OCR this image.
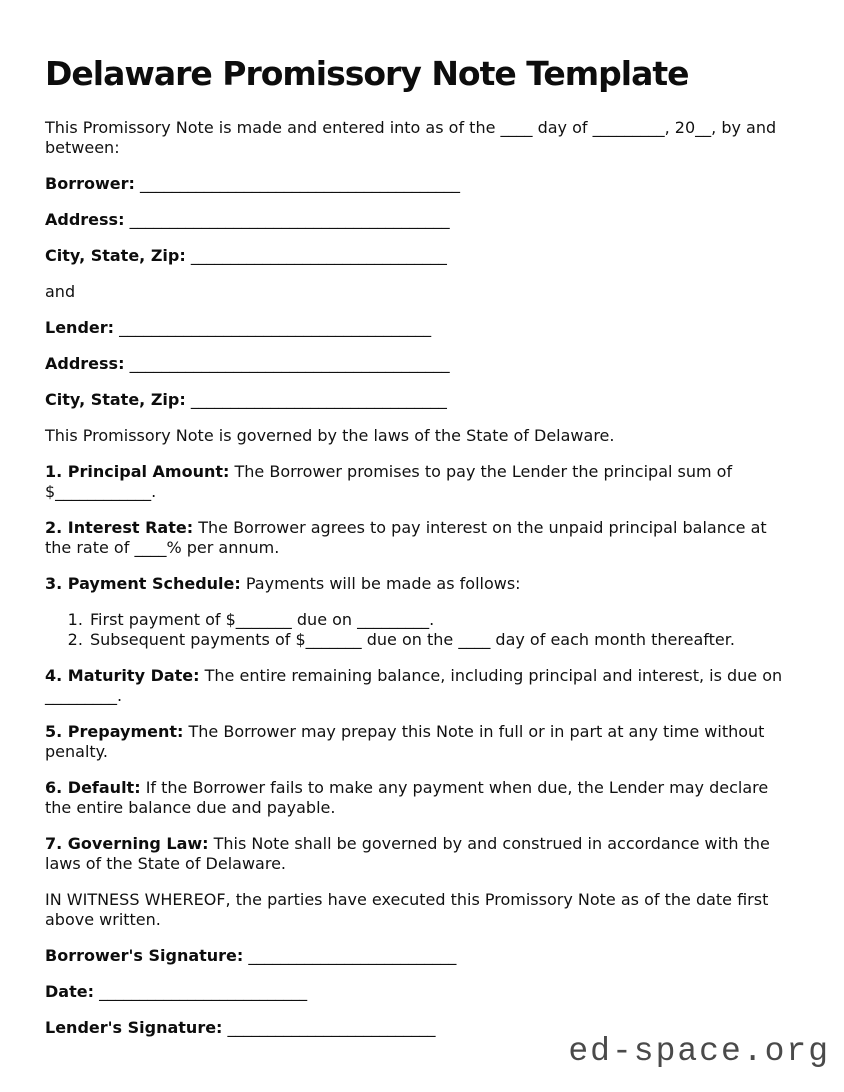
Delaware Promissory Note Template

This Promissory Note is made and entered into as of the ____ day of _________, 20__, by and between:

Borrower: ________________________________________

Address: ________________________________________

City, State, Zip: ________________________________

and

Lender: _______________________________________

Address: ________________________________________

City, State, Zip: ________________________________

This Promissory Note is governed by the laws of the State of Delaware.

1. Principal Amount: The Borrower promises to pay the Lender the principal sum of $____________.

2. Interest Rate: The Borrower agrees to pay interest on the unpaid principal balance at the rate of ____% per annum.

3. Payment Schedule: Payments will be made as follows:

1. First payment of $_______ due on _________.
2. Subsequent payments of $_______ due on the ____ day of each month thereafter.

4. Maturity Date: The entire remaining balance, including principal and interest, is due on _________.

5. Prepayment: The Borrower may prepay this Note in full or in part at any time without penalty.

6. Default: If the Borrower fails to make any payment when due, the Lender may declare the entire balance due and payable.

7. Governing Law: This Note shall be governed by and construed in accordance with the laws of the State of Delaware.

IN WITNESS WHEREOF, the parties have executed this Promissory Note as of the date first above written.

Borrower's Signature: __________________________

Date: __________________________

Lender's Signature: __________________________

ed-space.org
